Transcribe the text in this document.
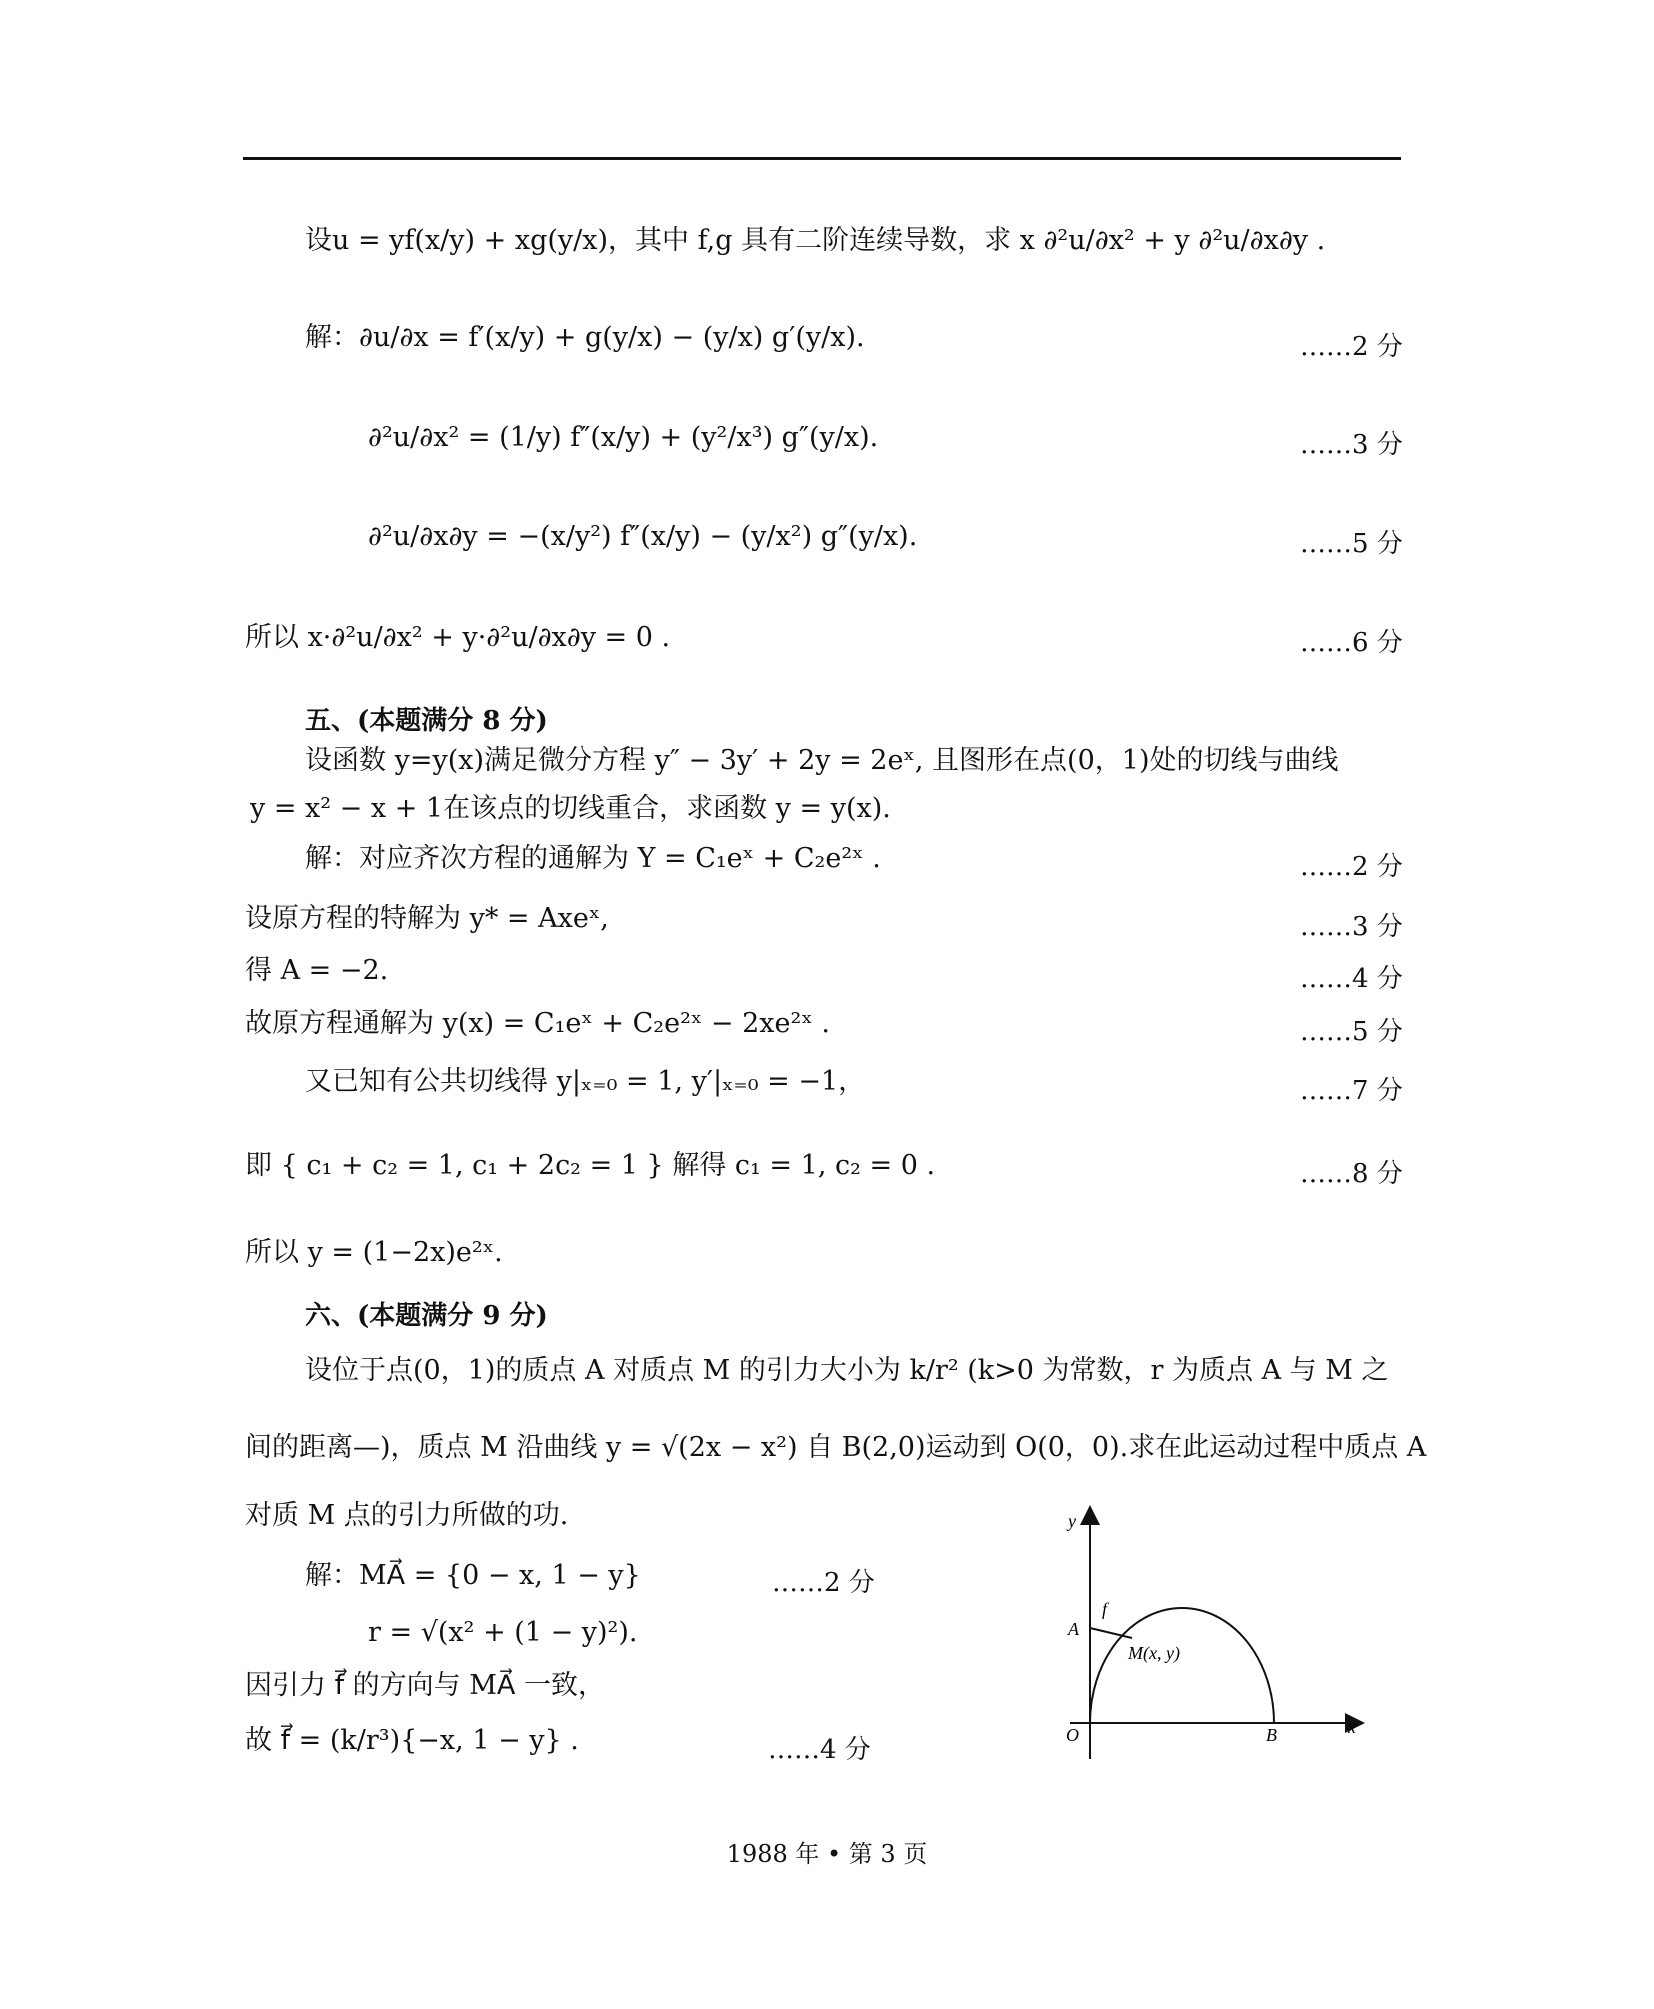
设u = yf(x/y) + xg(y/x)，其中 f,g 具有二阶连续导数，求 x ∂²u/∂x² + y ∂²u/∂x∂y .
解：∂u/∂x = f′(x/y) + g(y/x) − (y/x) g′(y/x).	……2 分
∂²u/∂x² = (1/y) f″(x/y) + (y²/x³) g″(y/x).	……3 分
∂²u/∂x∂y = −(x/y²) f″(x/y) − (y/x²) g″(y/x).	……5 分
所以 x·∂²u/∂x² + y·∂²u/∂x∂y = 0 .	……6 分
五、(本题满分 8 分)
设函数 y=y(x)满足微分方程 y″ − 3y′ + 2y = 2eˣ, 且图形在点(0，1)处的切线与曲线
y = x² − x + 1在该点的切线重合，求函数 y = y(x).
解：对应齐次方程的通解为 Y = C₁eˣ + C₂e²ˣ .	……2 分
设原方程的特解为 y* = Axeˣ,	……3 分
得 A = −2.	……4 分
故原方程通解为 y(x) = C₁eˣ + C₂e²ˣ − 2xe²ˣ .	……5 分
又已知有公共切线得 y|ₓ₌₀ = 1, y′|ₓ₌₀ = −1，	……7 分
即 { c₁ + c₂ = 1, c₁ + 2c₂ = 1 } 解得 c₁ = 1, c₂ = 0 .	……8 分
所以 y = (1−2x)e²ˣ.
六、(本题满分 9 分)
设位于点(0，1)的质点 A 对质点 M 的引力大小为 k/r² (k>0 为常数，r 为质点 A 与 M 之
间的距离—)，质点 M 沿曲线 y = √(2x − x²) 自 B(2,0)运动到 O(0，0).求在此运动过程中质点 A
对质 M 点的引力所做的功.
解：MA⃗ = {0 − x, 1 − y}	……2 分
r = √(x² + (1 − y)²).
因引力 f⃗ 的方向与 MA⃗ 一致，
故 f⃗ = (k/r³){−x, 1 − y} .	……4 分
y
x
O
A
B
M(x, y)
f⃗
1988 年 • 第 3 页
